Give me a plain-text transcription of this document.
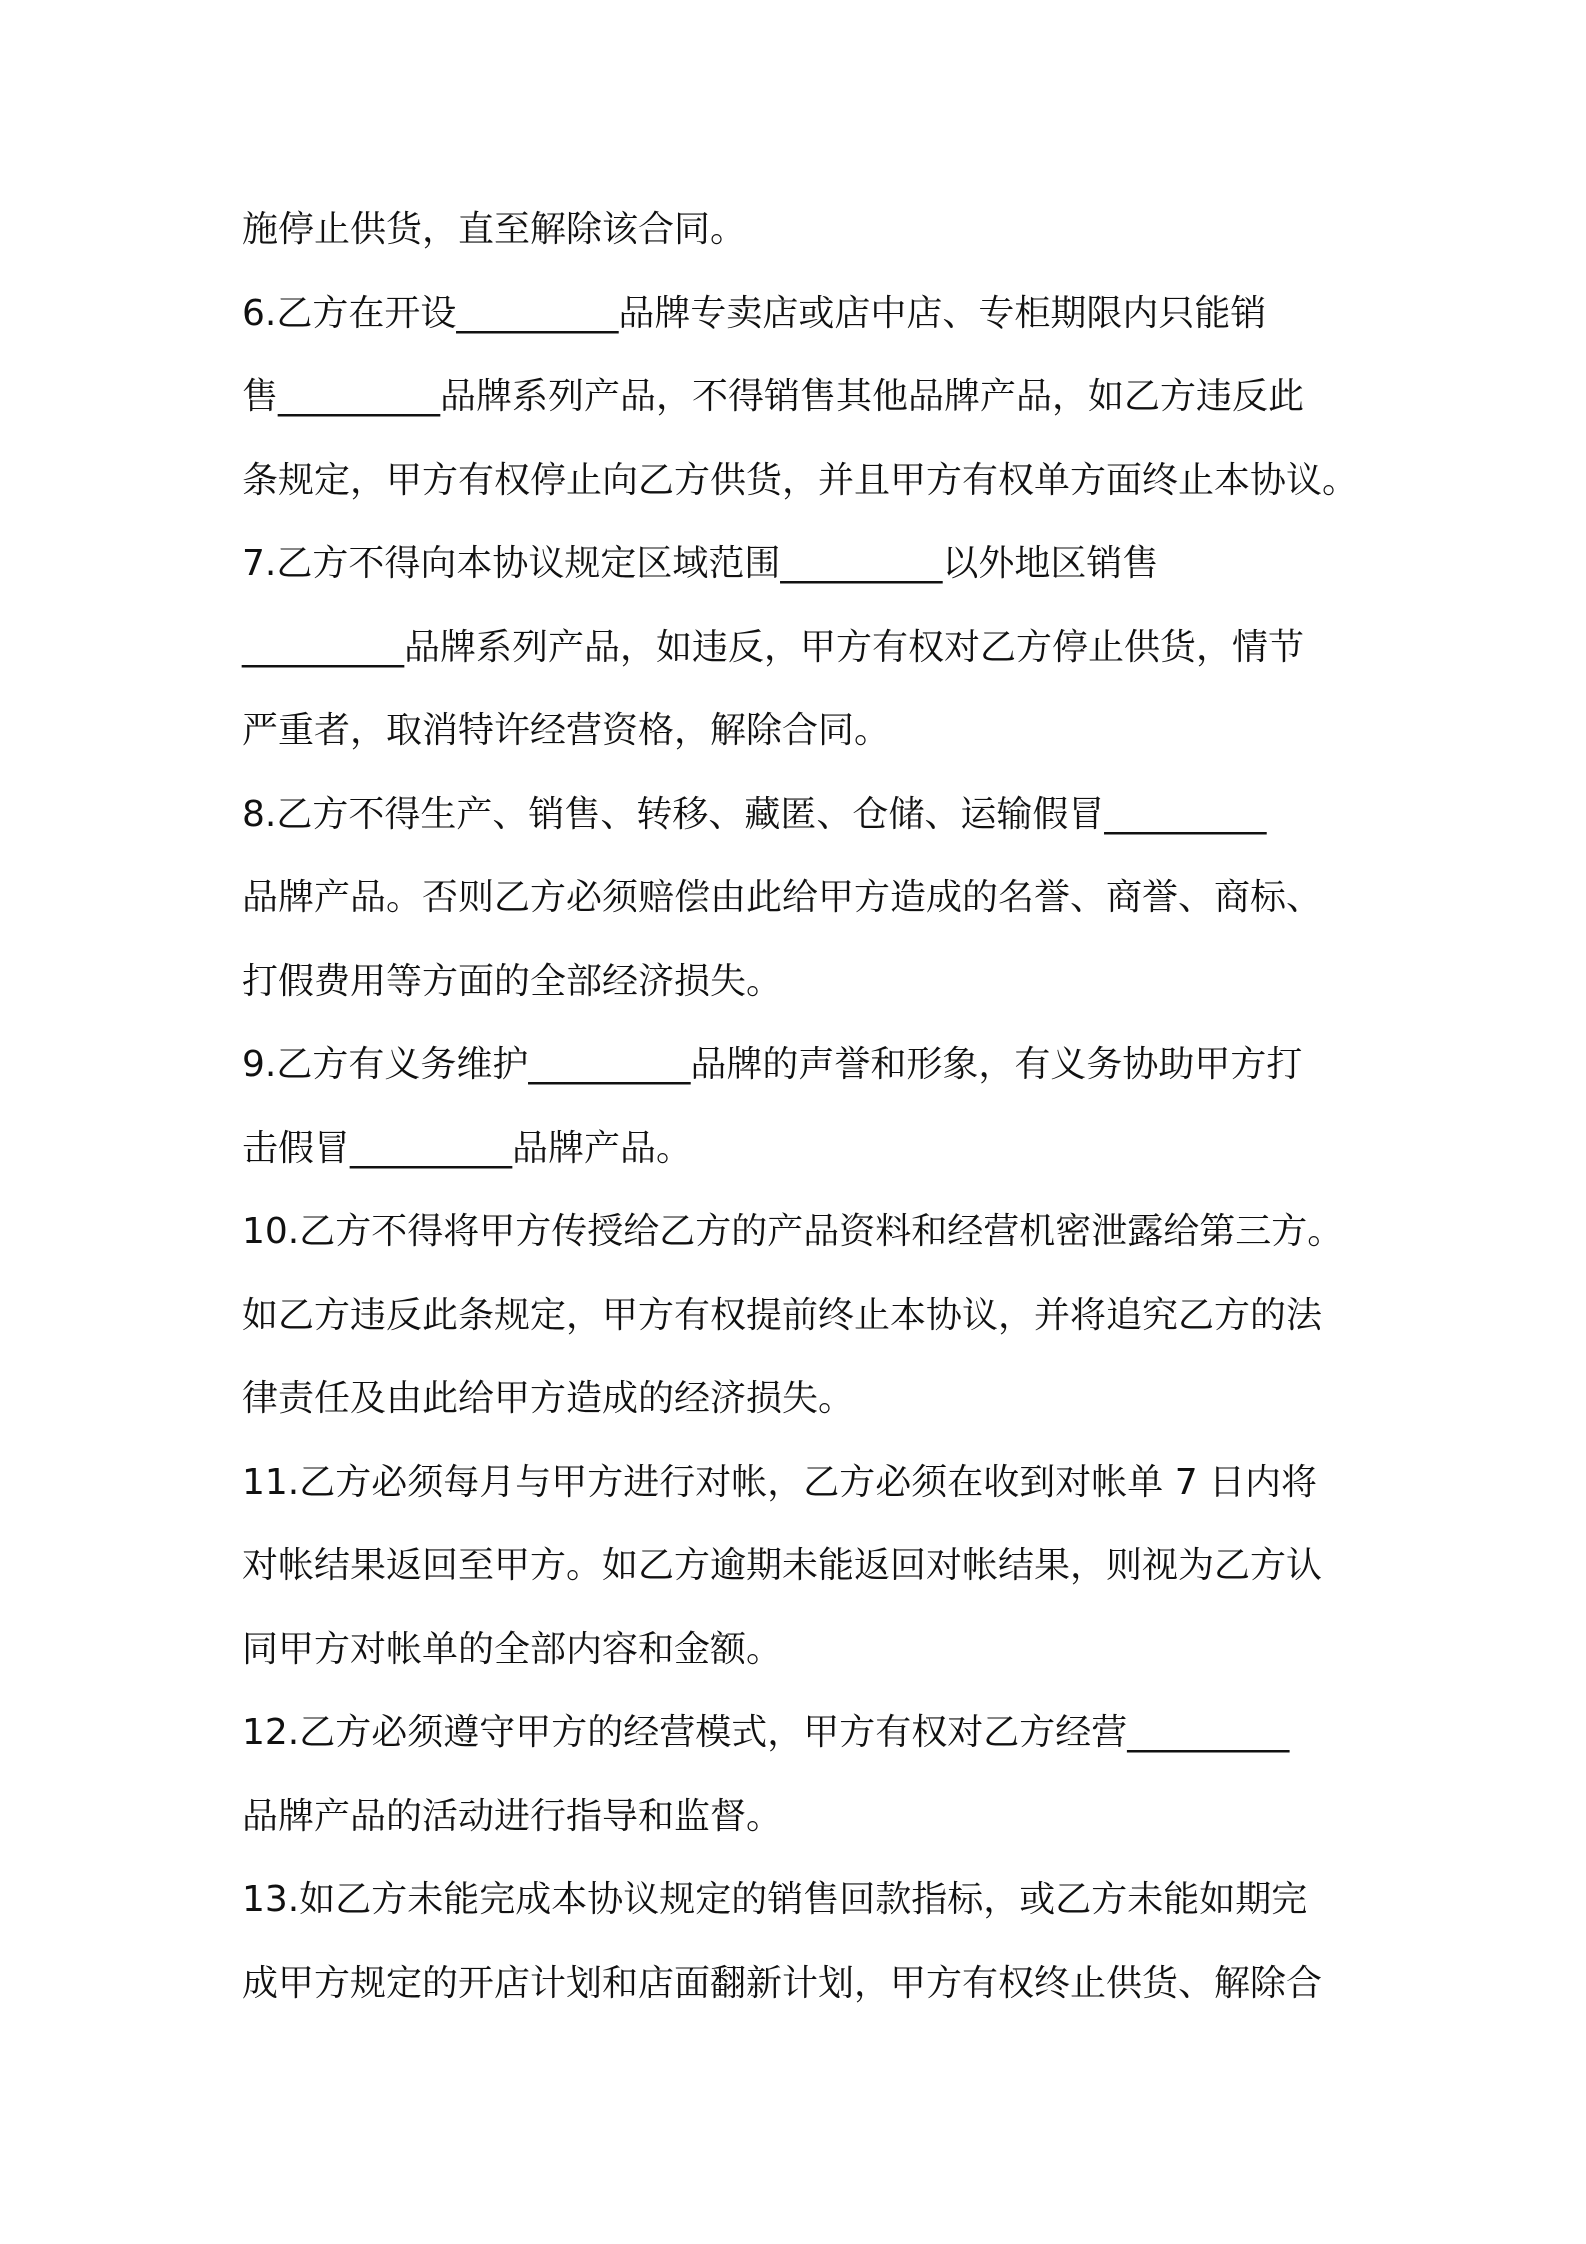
施停止供货，直至解除该合同。
6.乙方在开设_________品牌专卖店或店中店、专柜期限内只能销
售_________品牌系列产品，不得销售其他品牌产品，如乙方违反此
条规定，甲方有权停止向乙方供货，并且甲方有权单方面终止本协议。
7.乙方不得向本协议规定区域范围_________以外地区销售
_________品牌系列产品，如违反，甲方有权对乙方停止供货，情节
严重者，取消特许经营资格，解除合同。
8.乙方不得生产、销售、转移、藏匿、仓储、运输假冒_________
品牌产品。否则乙方必须赔偿由此给甲方造成的名誉、商誉、商标、
打假费用等方面的全部经济损失。
9.乙方有义务维护_________品牌的声誉和形象，有义务协助甲方打
击假冒_________品牌产品。
10.乙方不得将甲方传授给乙方的产品资料和经营机密泄露给第三方。
如乙方违反此条规定，甲方有权提前终止本协议，并将追究乙方的法
律责任及由此给甲方造成的经济损失。
11.乙方必须每月与甲方进行对帐，乙方必须在收到对帐单 7 日内将
对帐结果返回至甲方。如乙方逾期未能返回对帐结果，则视为乙方认
同甲方对帐单的全部内容和金额。
12.乙方必须遵守甲方的经营模式，甲方有权对乙方经营_________
品牌产品的活动进行指导和监督。
13.如乙方未能完成本协议规定的销售回款指标，或乙方未能如期完
成甲方规定的开店计划和店面翻新计划，甲方有权终止供货、解除合
